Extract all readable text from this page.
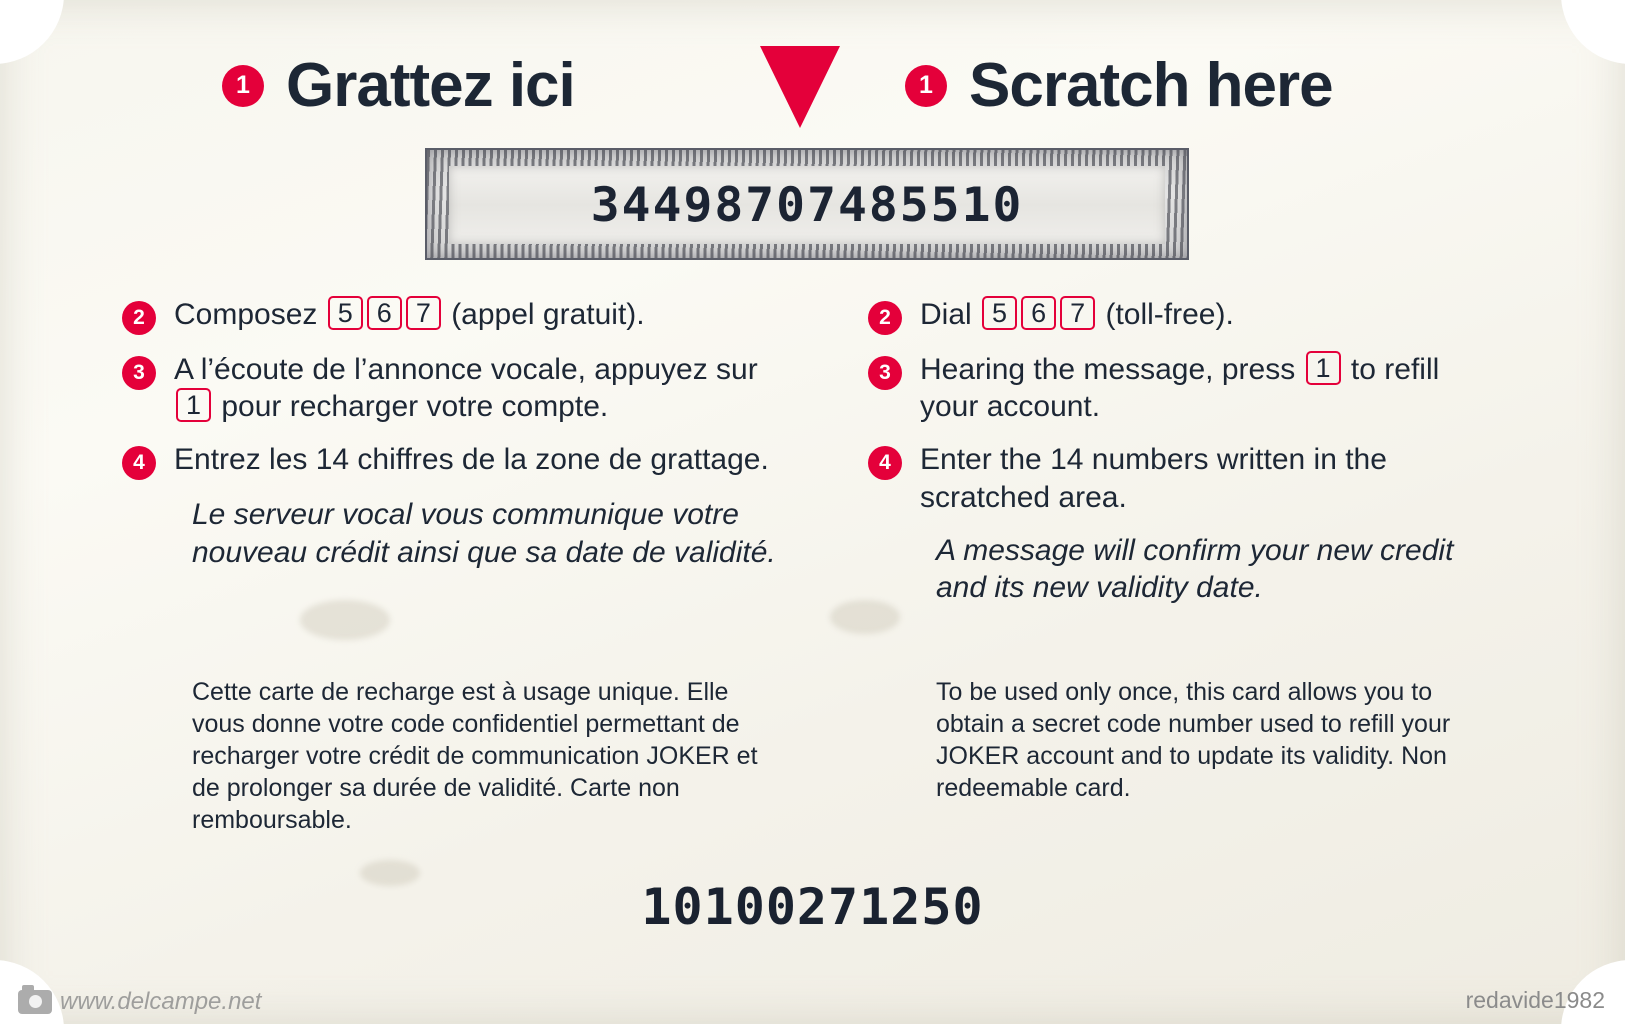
1 Grattez ici	1 Scratch here
34498707485510
2 Composez 5 6 7 (appel gratuit).
3 A l’écoute de l’annonce vocale, appuyez sur 1 pour recharger votre compte.
4 Entrez les 14 chiffres de la zone de grattage.

Le serveur vocal vous communique votre nouveau crédit ainsi que sa date de validité.

Cette carte de recharge est à usage unique. Elle vous donne votre code confidentiel permettant de recharger votre crédit de communication JOKER et de prolonger sa durée de validité. Carte non remboursable.
2 Dial 5 6 7 (toll-free).
3 Hearing the message, press 1 to refill your account.
4 Enter the 14 numbers written in the scratched area.

A message will confirm your new credit and its new validity date.

To be used only once, this card allows you to obtain a secret code number used to refill your JOKER account and to update its validity. Non redeemable card.
10100271250
www.delcampe.net	redavide1982
